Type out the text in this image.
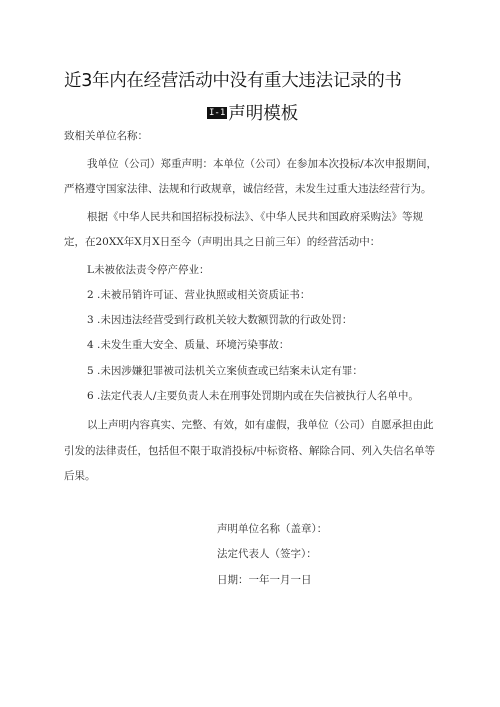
近3年内在经营活动中没有重大违法记录的书
I-1 声明模板
致相关单位名称：
我单位（公司）郑重声明：本单位（公司）在参加本次投标/本次申报期间，
严格遵守国家法律、法规和行政规章，诚信经营，未发生过重大违法经营行为。
根据《中华人民共和国招标投标法》、《中华人民共和国政府采购法》等规
定，在20XX年X月X日至今（声明出具之日前三年）的经营活动中：
L未被依法责令停产停业：
2 .未被吊销许可证、营业执照或相关资质证书：
3 .未因违法经营受到行政机关较大数额罚款的行政处罚：
4 .未发生重大安全、质量、环境污染事故：
5 .未因涉嫌犯罪被司法机关立案侦查或已结案未认定有罪：
6 .法定代表人/主要负责人未在刑事处罚期内或在失信被执行人名单中。
以上声明内容真实、完整、有效，如有虚假，我单位（公司）自愿承担由此
引发的法律责任，包括但不限于取消投标/中标资格、解除合同、列入失信名单等
后果。
声明单位名称（盖章）：
法定代表人（签字）：
日期：一年一月一日
